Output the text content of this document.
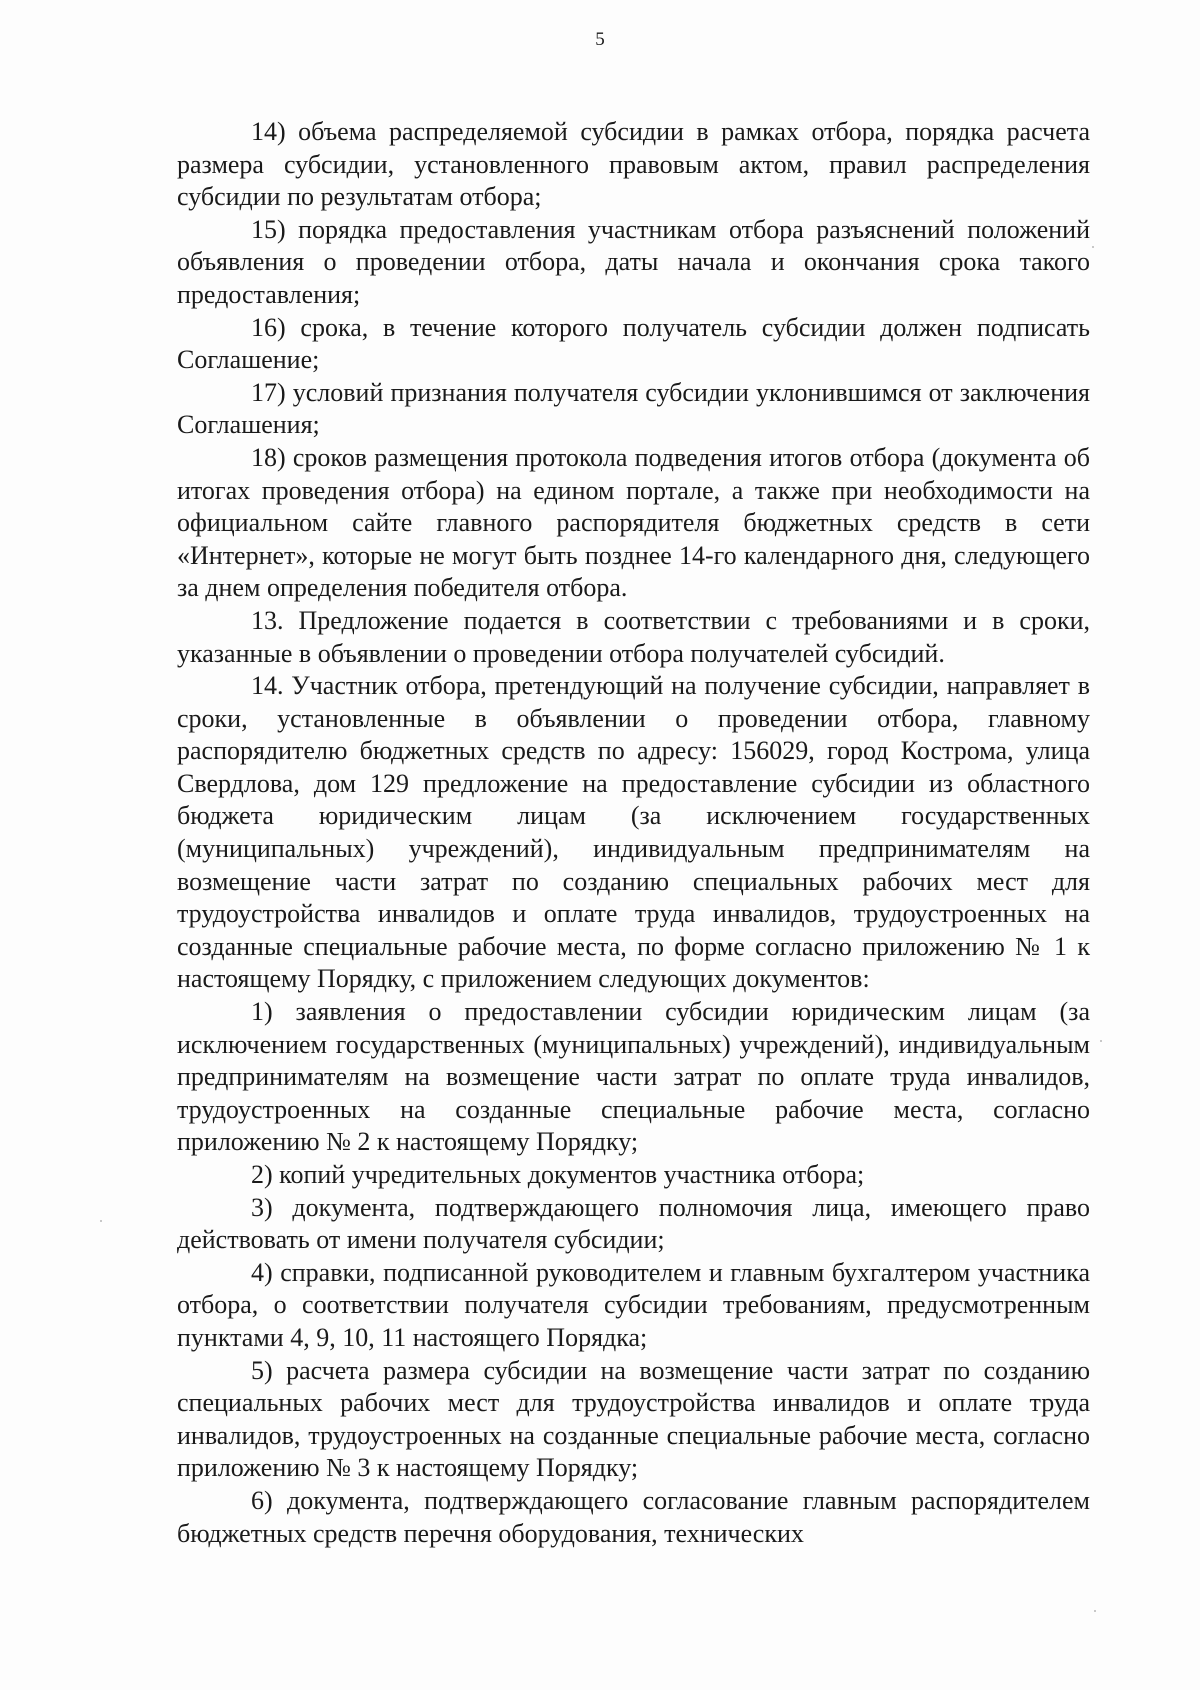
5

14) объема распределяемой субсидии в рамках отбора, порядка расчета размера субсидии, установленного правовым актом, правил распределения субсидии по результатам отбора;

15) порядка предоставления участникам отбора разъяснений положений объявления о проведении отбора, даты начала и окончания срока такого предоставления;

16) срока, в течение которого получатель субсидии должен подписать Соглашение;

17) условий признания получателя субсидии уклонившимся от заключения Соглашения;

18) сроков размещения протокола подведения итогов отбора (документа об итогах проведения отбора) на едином портале, а также при необходимости на официальном сайте главного распорядителя бюджетных средств в сети «Интернет», которые не могут быть позднее 14-го календарного дня, следующего за днем определения победителя отбора.

13. Предложение подается в соответствии с требованиями и в сроки, указанные в объявлении о проведении отбора получателей субсидий.

14. Участник отбора, претендующий на получение субсидии, направляет в сроки, установленные в объявлении о проведении отбора, главному распорядителю бюджетных средств по адресу: 156029, город Кострома, улица Свердлова, дом 129 предложение на предоставление субсидии из областного бюджета юридическим лицам (за исключением государственных (муниципальных) учреждений), индивидуальным предпринимателям на возмещение части затрат по созданию специальных рабочих мест для трудоустройства инвалидов и оплате труда инвалидов, трудоустроенных на созданные специальные рабочие места, по форме согласно приложению № 1 к настоящему Порядку, с приложением следующих документов:

1) заявления о предоставлении субсидии юридическим лицам (за исключением государственных (муниципальных) учреждений), индивидуальным предпринимателям на возмещение части затрат по оплате труда инвалидов, трудоустроенных на созданные специальные рабочие места, согласно приложению № 2 к настоящему Порядку;

2) копий учредительных документов участника отбора;

3) документа, подтверждающего полномочия лица, имеющего право действовать от имени получателя субсидии;

4) справки, подписанной руководителем и главным бухгалтером участника отбора, о соответствии получателя субсидии требованиям, предусмотренным пунктами 4, 9, 10, 11 настоящего Порядка;

5) расчета размера субсидии на возмещение части затрат по созданию специальных рабочих мест для трудоустройства инвалидов и оплате труда инвалидов, трудоустроенных на созданные специальные рабочие места, согласно приложению № 3 к настоящему Порядку;

6) документа, подтверждающего согласование главным распорядителем бюджетных средств перечня оборудования, технических
